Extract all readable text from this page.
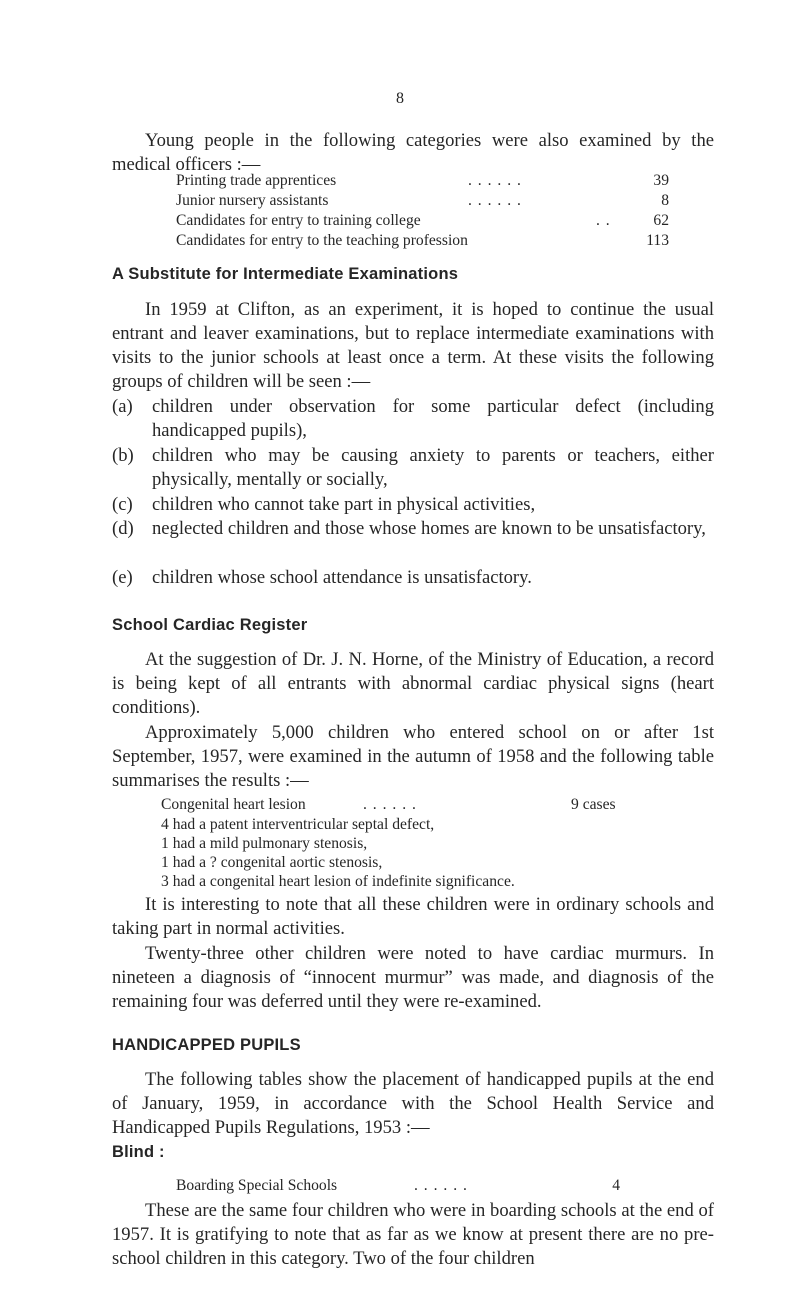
8

Young people in the following categories were also examined by the medical officers :—

Printing trade apprentices	. . . . . .	39
Junior nursery assistants	. . . . . .	8
Candidates for entry to training college	. .	62
Candidates for entry to the teaching profession	113
A Substitute for Intermediate Examinations

In 1959 at Clifton, as an experiment, it is hoped to continue the usual entrant and leaver examinations, but to replace intermediate examinations with visits to the junior schools at least once a term. At these visits the following groups of children will be seen :—

(a) children under observation for some particular defect (including handicapped pupils),
(b) children who may be causing anxiety to parents or teachers, either physically, mentally or socially,
(c) children who cannot take part in physical activities,
(d) neglected children and those whose homes are known to be unsatisfactory,
(e) children whose school attendance is unsatisfactory.
School Cardiac Register

At the suggestion of Dr. J. N. Horne, of the Ministry of Education, a record is being kept of all entrants with abnormal cardiac physical signs (heart conditions).

Approximately 5,000 children who entered school on or after 1st September, 1957, were examined in the autumn of 1958 and the following table summarises the results :—

Congenital heart lesion	. . . . . .	9 cases
4 had a patent interventricular septal defect,
1 had a mild pulmonary stenosis,
1 had a ? congenital aortic stenosis,
3 had a congenital heart lesion of indefinite significance.

It is interesting to note that all these children were in ordinary schools and taking part in normal activities.

Twenty-three other children were noted to have cardiac murmurs. In nineteen a diagnosis of “innocent murmur” was made, and diagnosis of the remaining four was deferred until they were re-examined.

HANDICAPPED PUPILS

The following tables show the placement of handicapped pupils at the end of January, 1959, in accordance with the School Health Service and Handicapped Pupils Regulations, 1953 :—

Blind :
Boarding Special Schools	. . . . . .	4

These are the same four children who were in boarding schools at the end of 1957. It is gratifying to note that as far as we know at present there are no pre-school children in this category. Two of the four children
